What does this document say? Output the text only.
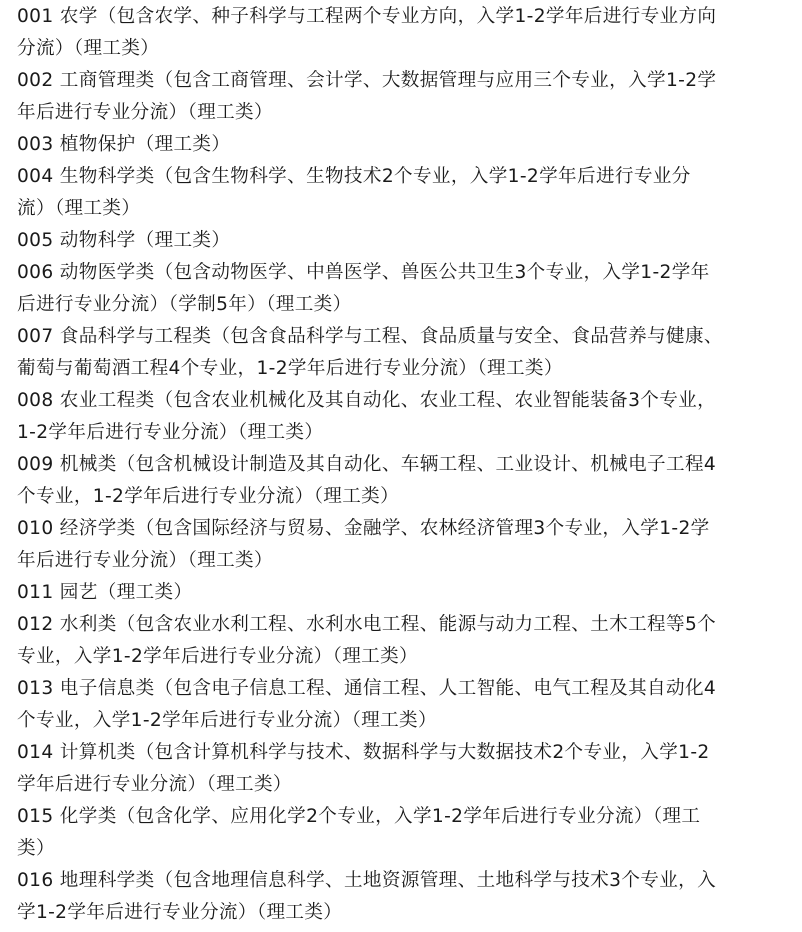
001 农学（包含农学、种子科学与工程两个专业方向，入学1-2学年后进行专业方向
分流）（理工类）
002 工商管理类（包含工商管理、会计学、大数据管理与应用三个专业，入学1-2学
年后进行专业分流）（理工类）
003 植物保护（理工类）
004 生物科学类（包含生物科学、生物技术2个专业，入学1-2学年后进行专业分
流）（理工类）
005 动物科学（理工类）
006 动物医学类（包含动物医学、中兽医学、兽医公共卫生3个专业，入学1-2学年
后进行专业分流）（学制5年）（理工类）
007 食品科学与工程类（包含食品科学与工程、食品质量与安全、食品营养与健康、
葡萄与葡萄酒工程4个专业，1-2学年后进行专业分流）（理工类）
008 农业工程类（包含农业机械化及其自动化、农业工程、农业智能装备3个专业，
1-2学年后进行专业分流）（理工类）
009 机械类（包含机械设计制造及其自动化、车辆工程、工业设计、机械电子工程4
个专业，1-2学年后进行专业分流）（理工类）
010 经济学类（包含国际经济与贸易、金融学、农林经济管理3个专业，入学1-2学
年后进行专业分流）（理工类）
011 园艺（理工类）
012 水利类（包含农业水利工程、水利水电工程、能源与动力工程、土木工程等5个
专业，入学1-2学年后进行专业分流）（理工类）
013 电子信息类（包含电子信息工程、通信工程、人工智能、电气工程及其自动化4
个专业，入学1-2学年后进行专业分流）（理工类）
014 计算机类（包含计算机科学与技术、数据科学与大数据技术2个专业，入学1-2
学年后进行专业分流）（理工类）
015 化学类（包含化学、应用化学2个专业，入学1-2学年后进行专业分流）（理工
类）
016 地理科学类（包含地理信息科学、土地资源管理、土地科学与技术3个专业，入
学1-2学年后进行专业分流）（理工类）
